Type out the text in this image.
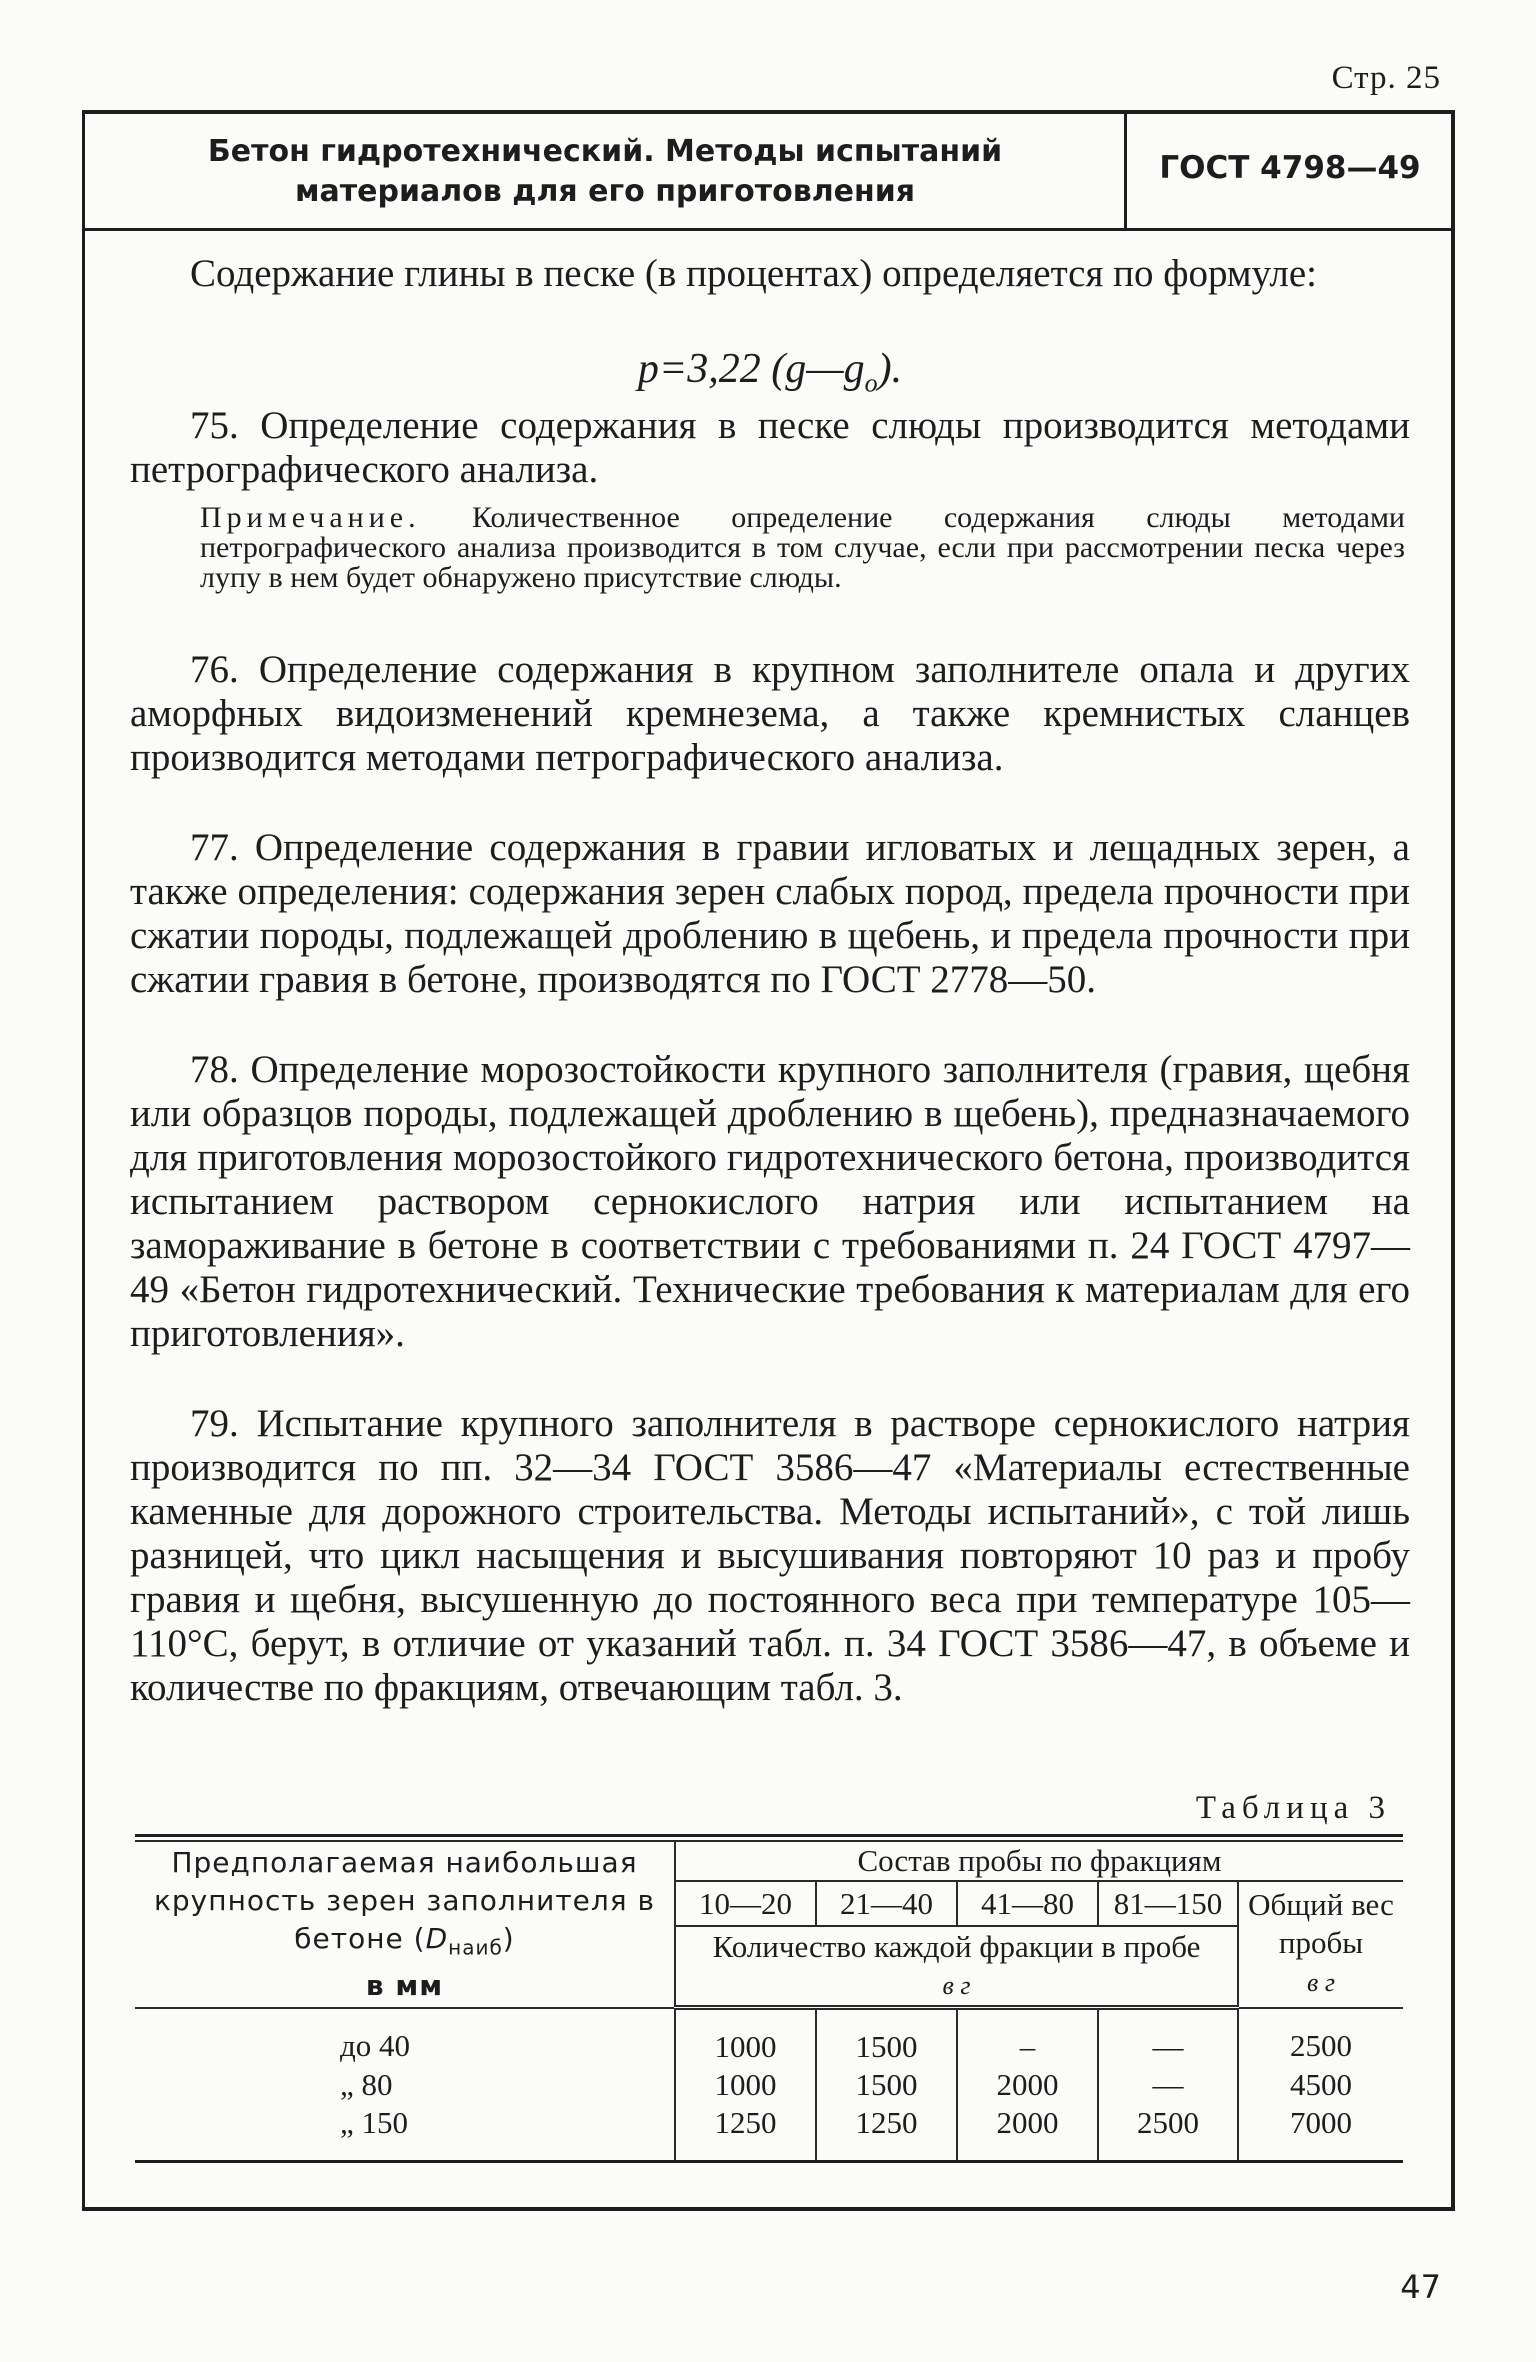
Стр. 25
Бетон гидротехнический. Методы испытаний
материалов для его приготовления
ГОСТ 4798—49
Содержание глины в песке (в процентах) определяется по формуле:
p=3,22 $(g—g_o)$.
75. Определение содержания в песке слюды производится методами петрографического анализа.
Примечание. Количественное определение содержания слюды методами петрографического анализа производится в том случае, если при рассмотрении песка через лупу в нем будет обнаружено присутствие слюды.
76. Определение содержания в крупном заполнителе опала и других аморфных видоизменений кремнезема, а также кремнистых сланцев производится методами петрографического анализа.
77. Определение содержания в гравии игловатых и лещадных зерен, а также определения: содержания зерен слабых пород, предела прочности при сжатии породы, подлежащей дроблению в щебень, и предела прочности при сжатии гравия в бетоне, производятся по ГОСТ 2778—50.
78. Определение морозостойкости крупного заполнителя (гравия, щебня или образцов породы, подлежащей дроблению в щебень), предназначаемого для приготовления морозостойкого гидротехнического бетона, производится испытанием раствором сернокислого натрия или испытанием на замораживание в бетоне в соответствии с требованиями п. 24 ГОСТ 4797—49 «Бетон гидротехнический. Технические требования к материалам для его приготовления».
79. Испытание крупного заполнителя в растворе сернокислого натрия производится по пп. 32—34 ГОСТ 3586—47 «Материалы естественные каменные для дорожного строительства. Методы испытаний», с той лишь разницей, что цикл насыщения и высушивания повторяют 10 раз и пробу гравия и щебня, высушенную до постоянного веса при температуре 105—110°С, берут, в отличие от указаний табл. п. 34 ГОСТ 3586—47, в объеме и количестве по фракциям, отвечающим табл. 3.
Таблица 3
Предполагаемая наибольшая крупность зерен заполнителя в бетоне $(D_{наиб})$
в мм	Состав пробы по фракциям				
	10—20	21—40	41—80	81—150	Общий вес пробы
в г
	Количество каждой фракции в пробе				
	в г				
до 40	1000	1500	–	—	2500
„ 80	1000	1500	2000	—	4500
„ 150	1250	1250	2000	2500	7000
47
